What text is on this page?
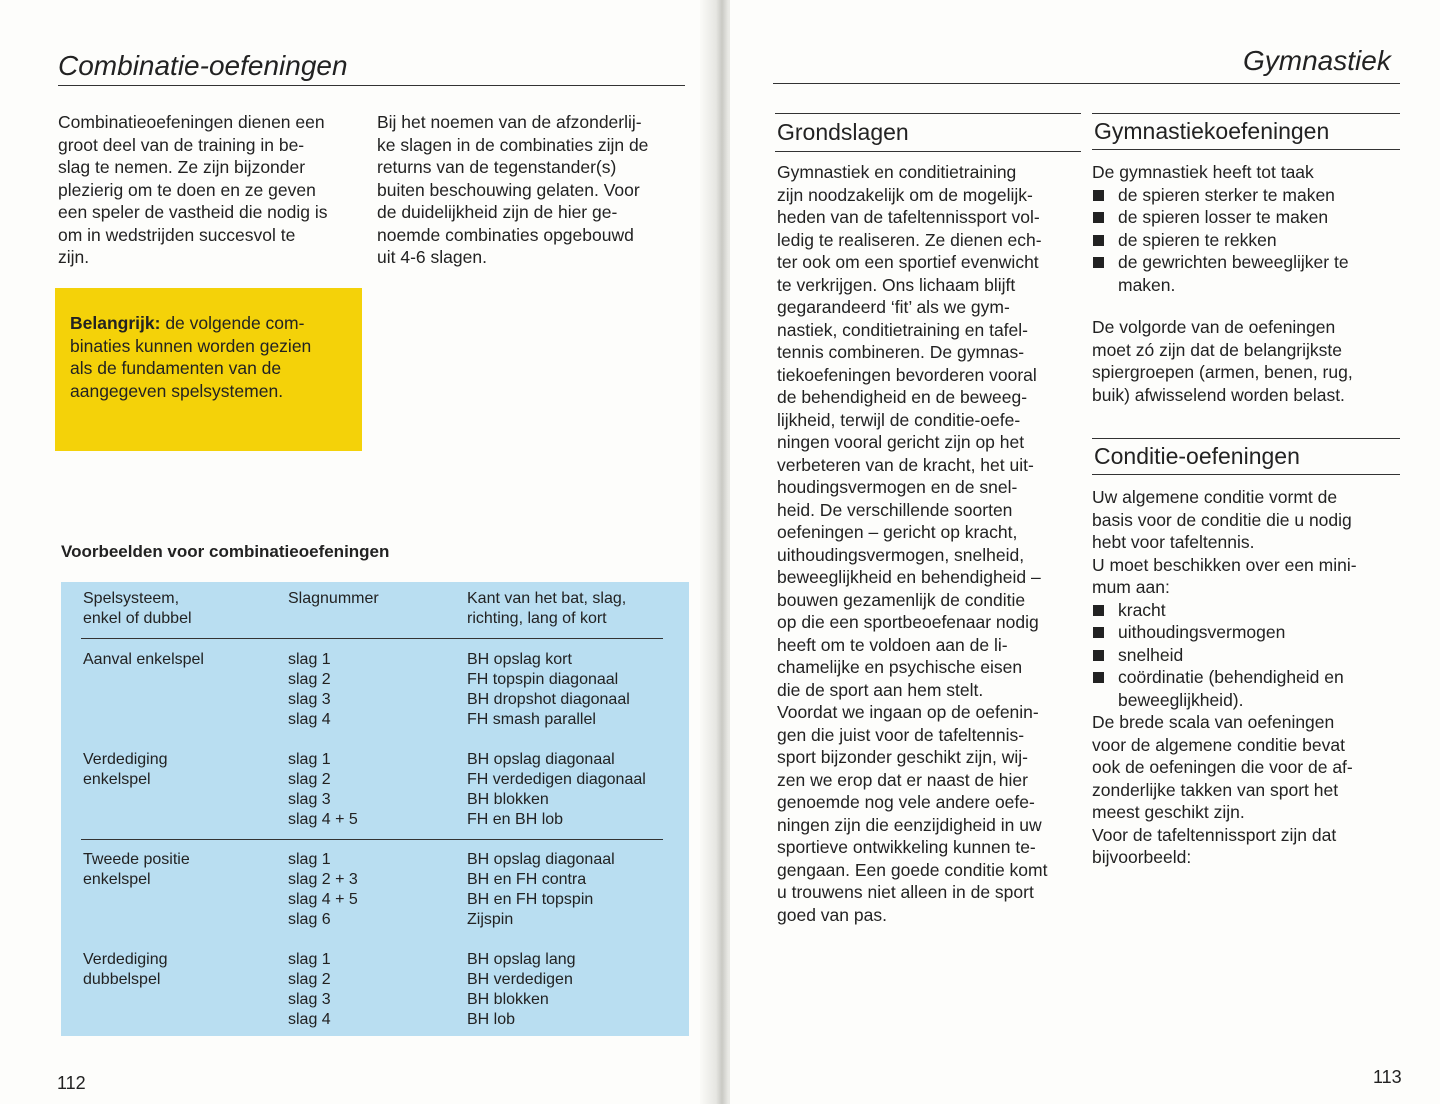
Combinatie-oefeningen
Combinatieoefeningen dienen een
groot deel van de training in be-
slag te nemen. Ze zijn bijzonder
plezierig om te doen en ze geven
een speler de vastheid die nodig is
om in wedstrijden succesvol te
zijn.
Bij het noemen van de afzonderlij-
ke slagen in de combinaties zijn de
returns van de tegenstander(s)
buiten beschouwing gelaten. Voor
de duidelijkheid zijn de hier ge-
noemde combinaties opgebouwd
uit 4-6 slagen.
Belangrijk: de volgende com-
binaties kunnen worden gezien
als de fundamenten van de
aangegeven spelsystemen.
Voorbeelden voor combinatieoefeningen
Spelsysteem,
enkel of dubbel
Slagnummer	Kant van het bat, slag,
richting, lang of kort
Aanval enkelspel	slag 1
slag 2
slag 3
slag 4
BH opslag kort
FH topspin diagonaal
BH dropshot diagonaal
FH smash parallel
Verdediging
enkelspel
slag 1
slag 2
slag 3
slag 4 + 5
BH opslag diagonaal
FH verdedigen diagonaal
BH blokken
FH en BH lob
Tweede positie
enkelspel
slag 1
slag 2 + 3
slag 4 + 5
slag 6
BH opslag diagonaal
BH en FH contra
BH en FH topspin
Zijspin
Verdediging
dubbelspel
slag 1
slag 2
slag 3
slag 4
BH opslag lang
BH verdedigen
BH blokken
BH lob
112
Gymnastiek
Grondslagen
Gymnastiek en conditietraining
zijn noodzakelijk om de mogelijk-
heden van de tafeltennissport vol-
ledig te realiseren. Ze dienen ech-
ter ook om een sportief evenwicht
te verkrijgen. Ons lichaam blijft
gegarandeerd ‘fit’ als we gym-
nastiek, conditietraining en tafel-
tennis combineren. De gymnas-
tiekoefeningen bevorderen vooral
de behendigheid en de beweeg-
lijkheid, terwijl de conditie-oefe-
ningen vooral gericht zijn op het
verbeteren van de kracht, het uit-
houdingsvermogen en de snel-
heid. De verschillende soorten
oefeningen – gericht op kracht,
uithoudingsvermogen, snelheid,
beweeglijkheid en behendigheid –
bouwen gezamenlijk de conditie
op die een sportbeoefenaar nodig
heeft om te voldoen aan de li-
chamelijke en psychische eisen
die de sport aan hem stelt.
Voordat we ingaan op de oefenin-
gen die juist voor de tafeltennis-
sport bijzonder geschikt zijn, wij-
zen we erop dat er naast de hier
genoemde nog vele andere oefe-
ningen zijn die eenzijdigheid in uw
sportieve ontwikkeling kunnen te-
gengaan. Een goede conditie komt
u trouwens niet alleen in de sport
goed van pas.
Gymnastiekoefeningen

De gymnastiek heeft tot taak

de spieren sterker te maken
de spieren losser te maken
de spieren te rekken
de gewrichten beweeglijker te
maken.
De volgorde van de oefeningen
moet zó zijn dat de belangrijkste
spiergroepen (armen, benen, rug,
buik) afwisselend worden belast.
Conditie-oefeningen
Uw algemene conditie vormt de
basis voor de conditie die u nodig
hebt voor tafeltennis.
U moet beschikken over een mini-
mum aan:
kracht
uithoudingsvermogen
snelheid
coördinatie (behendigheid en
beweeglijkheid).
De brede scala van oefeningen
voor de algemene conditie bevat
ook de oefeningen die voor de af-
zonderlijke takken van sport het
meest geschikt zijn.
Voor de tafeltennissport zijn dat
bijvoorbeeld:
113
